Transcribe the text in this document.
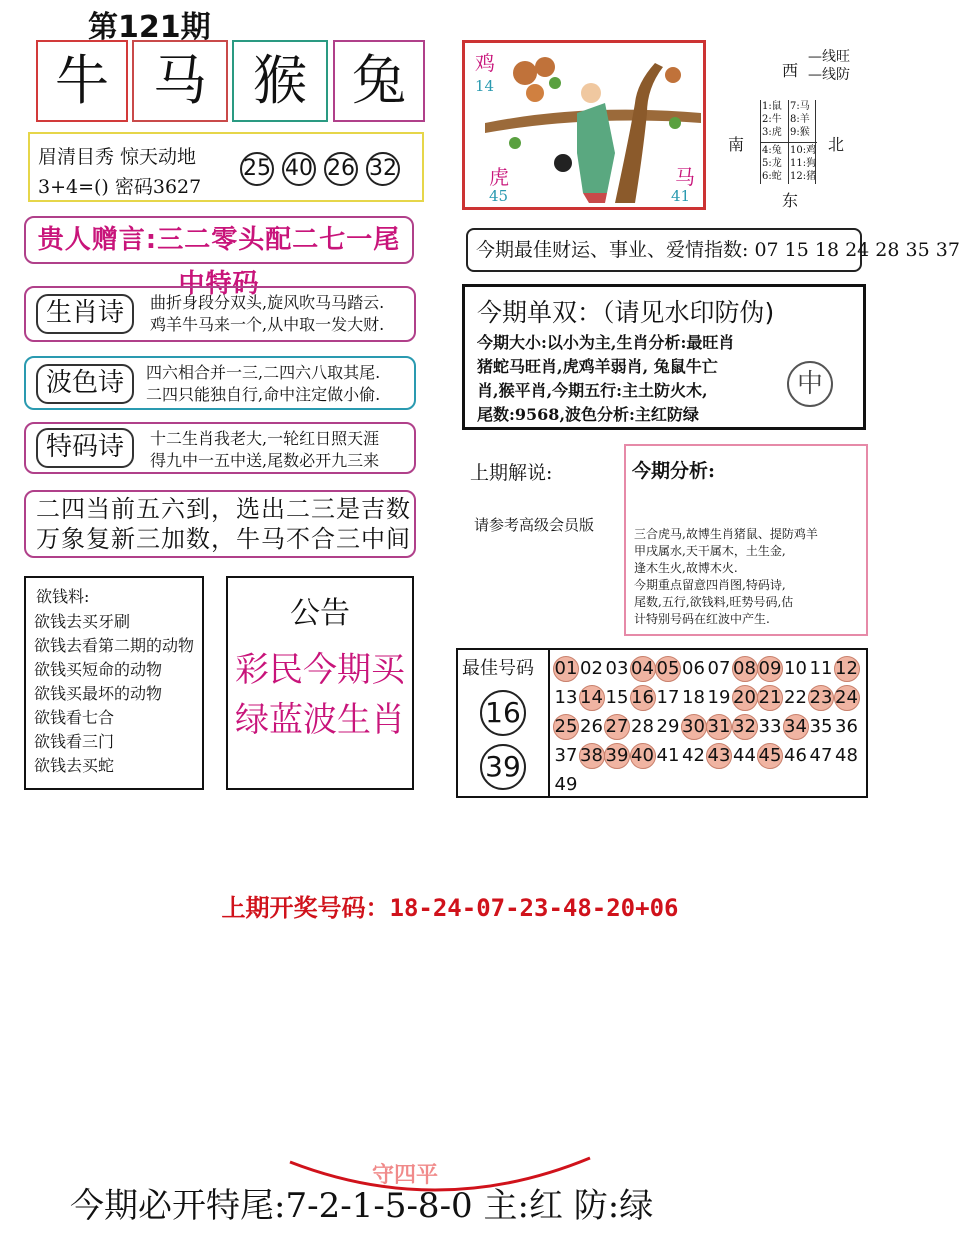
第121期
牛 马 猴 兔
眉清目秀 惊天动地
3+4=() 密码3627
25 40 26 32
贵人赠言:三二零头配二七一尾中特码
生肖诗	曲折身段分双头,旋风吹马马踏云.
鸡羊牛马来一个,从中取一发大财.
波色诗	四六相合并一三,二四六八取其尾.
二四只能独自行,命中注定做小偷.
特码诗	十二生肖我老大,一轮红日照天涯
得九中一五中送,尾数必开九三来
二四当前五六到，选出二三是吉数
万象复新三加数，牛马不合三中间
欲钱料:
欲钱去买牙刷
欲钱去看第二期的动物
欲钱买短命的动物
欲钱买最坏的动物
欲钱看七合
欲钱看三门
欲钱去买蛇
公告
彩民今期买
绿蓝波生肖
鸡
14
虎
45
马
41
—线旺
—线防
西
南	北
东
1:鼠
2:牛
3:虎
7:马
8:羊
9:猴
4:兔
5:龙
6:蛇
10:鸡
11:狗
12:猪
今期最佳财运、事业、爱情指数: 07 15 18 24 28 35 37
今期单双：（请见水印防伪)
今期大小:以小为主,生肖分析:最旺肖
猪蛇马旺肖,虎鸡羊弱肖, 兔鼠牛亡
肖,猴平肖,今期五行:主土防火木,
尾数:9568,波色分析:主红防绿
中
上期解说:
请参考高级会员版
今期分析:
三合虎马,故博生肖猪鼠、提防鸡羊
甲戌属水,天干属木，土生金,
逢木生火,故博木火.
今期重点留意四肖图,特码诗,
尾数,五行,欲钱料,旺势号码,估
计特别号码在红波中产生.
最佳号码
16
39
01 02 03 04 05 06 07 08 09 10 11 12
13 14 15 16 17 18 19 20 21 22 23 24
25 26 27 28 29 30 31 32 33 34 35 36
37 38 39 40 41 42 43 44 45 46 47 48
49
上期开奖号码：18-24-07-23-48-20+06
守四平
今期必开特尾:7-2-1-5-8-0 主:红 防:绿
